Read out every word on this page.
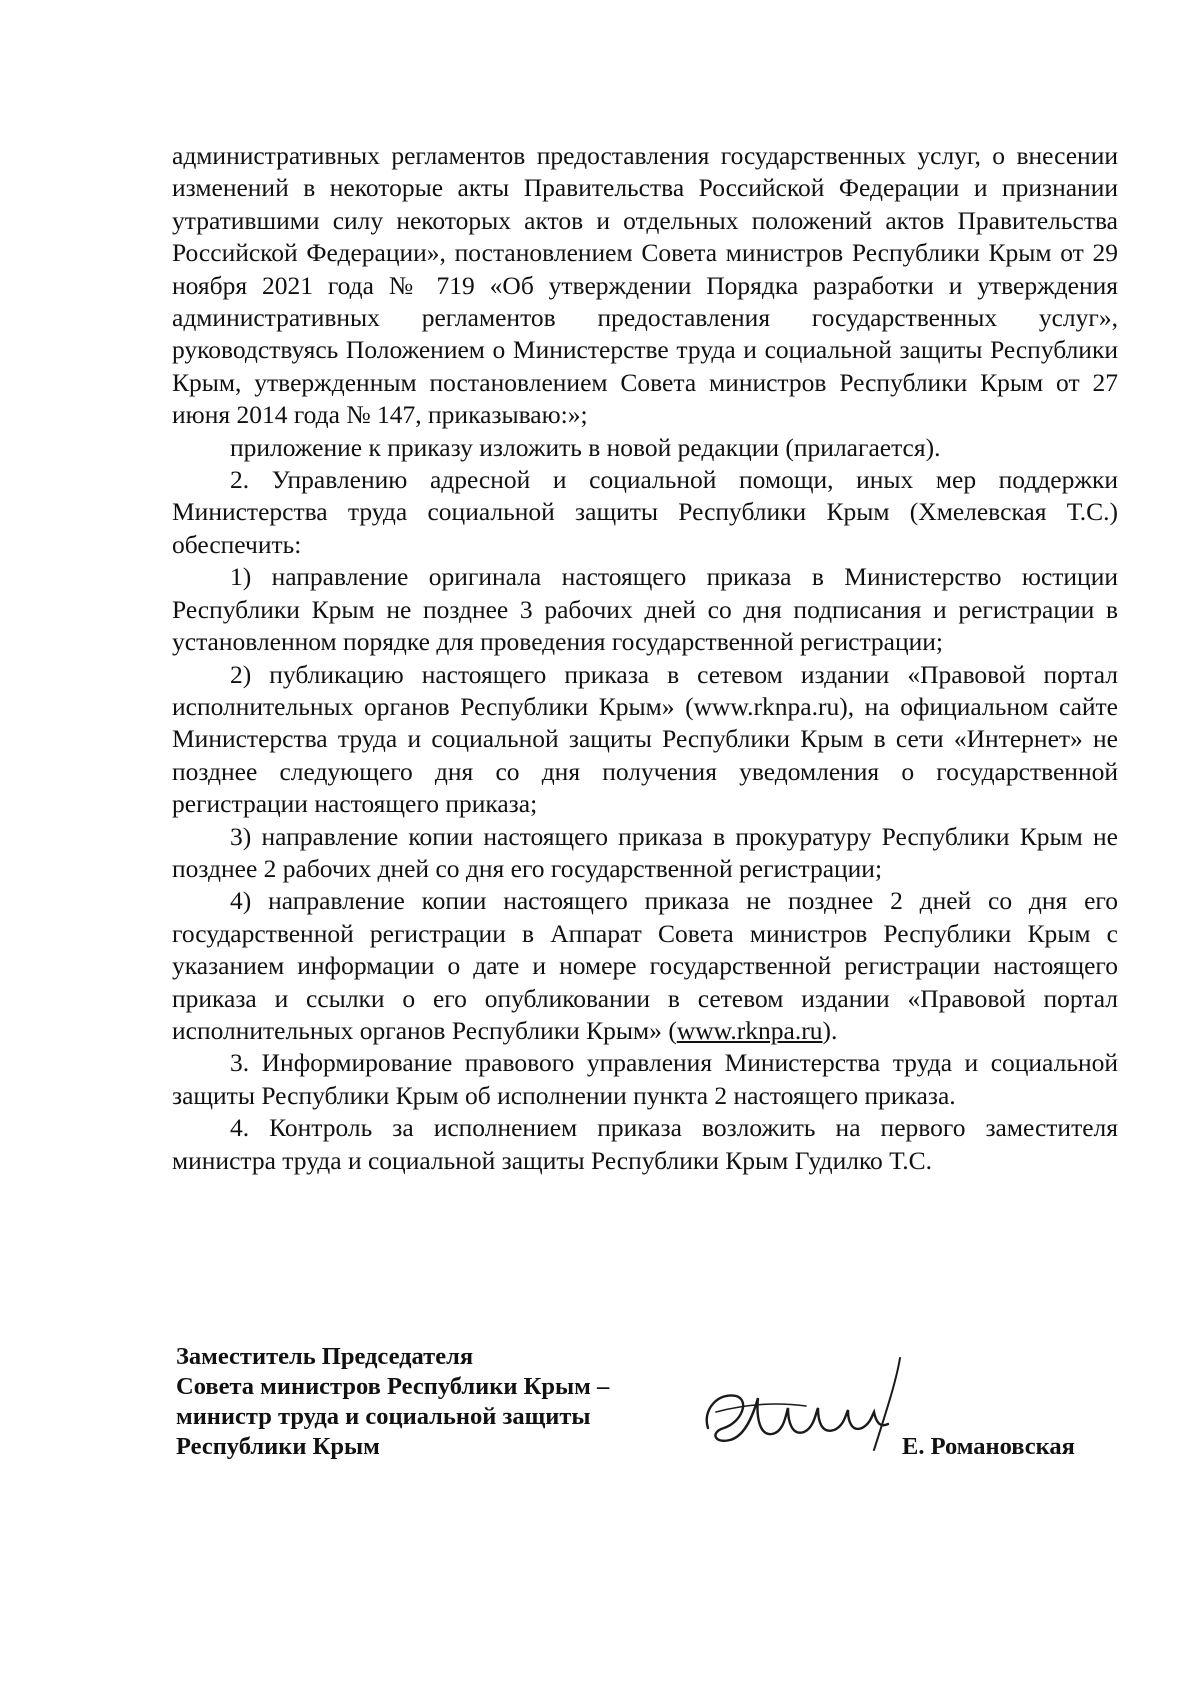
административных регламентов предоставления государственных услуг, о внесении изменений в некоторые акты Правительства Российской Федерации и признании утратившими силу некоторых актов и отдельных положений актов Правительства Российской Федерации», постановлением Совета министров Республики Крым от 29 ноября 2021 года № 719 «Об утверждении Порядка разработки и утверждения административных регламентов предоставления государственных услуг», руководствуясь Положением о Министерстве труда и социальной защиты Республики Крым, утвержденным постановлением Совета министров Республики Крым от 27 июня 2014 года № 147, приказываю:»;

приложение к приказу изложить в новой редакции (прилагается).

2. Управлению адресной и социальной помощи, иных мер поддержки Министерства труда социальной защиты Республики Крым (Хмелевская Т.С.) обеспечить:

1) направление оригинала настоящего приказа в Министерство юстиции Республики Крым не позднее 3 рабочих дней со дня подписания и регистрации в установленном порядке для проведения государственной регистрации;

2) публикацию настоящего приказа в сетевом издании «Правовой портал исполнительных органов Республики Крым» (www.rknpa.ru), на официальном сайте Министерства труда и социальной защиты Республики Крым в сети «Интернет» не позднее следующего дня со дня получения уведомления о государственной регистрации настоящего приказа;

3) направление копии настоящего приказа в прокуратуру Республики Крым не позднее 2 рабочих дней со дня его государственной регистрации;

4) направление копии настоящего приказа не позднее 2 дней со дня его государственной регистрации в Аппарат Совета министров Республики Крым с указанием информации о дате и номере государственной регистрации настоящего приказа и ссылки о его опубликовании в сетевом издании «Правовой портал исполнительных органов Республики Крым» (www.rknpa.ru).

3. Информирование правового управления Министерства труда и социальной защиты Республики Крым об исполнении пункта 2 настоящего приказа.

4. Контроль за исполнением приказа возложить на первого заместителя министра труда и социальной защиты Республики Крым Гудилко Т.С.

Заместитель Председателя
Совета министров Республики Крым –
министр труда и социальной защиты
Республики Крым	Е. Романовская
